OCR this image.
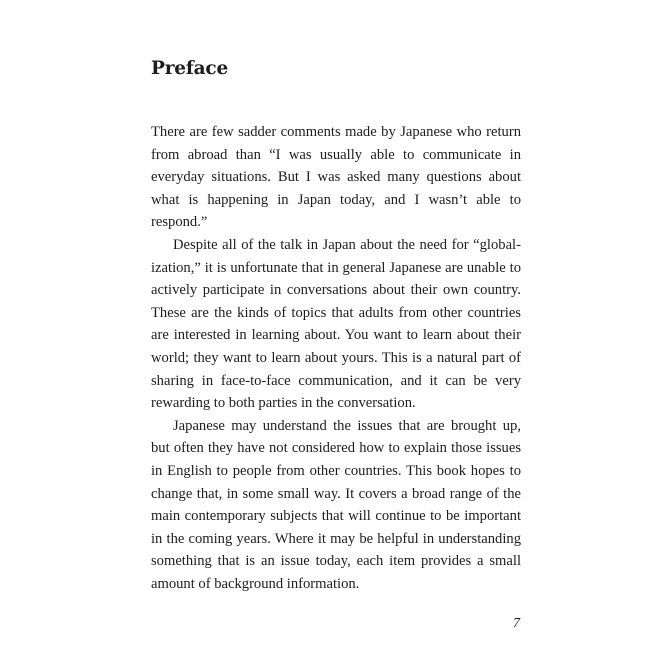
Preface

There are few sadder comments made by Japanese who return from abroad than “I was usually able to communicate in everyday situations. But I was asked many questions about what is happening in Japan today, and I wasn’t able to respond.”

Despite all of the talk in Japan about the need for “globalization,” it is unfortunate that in general Japanese are unable to actively participate in conversations about their own country. These are the kinds of topics that adults from other countries are interested in learning about. You want to learn about their world; they want to learn about yours. This is a natural part of sharing in face-to-face communication, and it can be very rewarding to both parties in the conversation.

Japanese may understand the issues that are brought up, but often they have not considered how to explain those issues in English to people from other countries. This book hopes to change that, in some small way. It covers a broad range of the main contemporary subjects that will continue to be important in the coming years. Where it may be helpful in understanding something that is an issue today, each item provides a small amount of background information.

7
